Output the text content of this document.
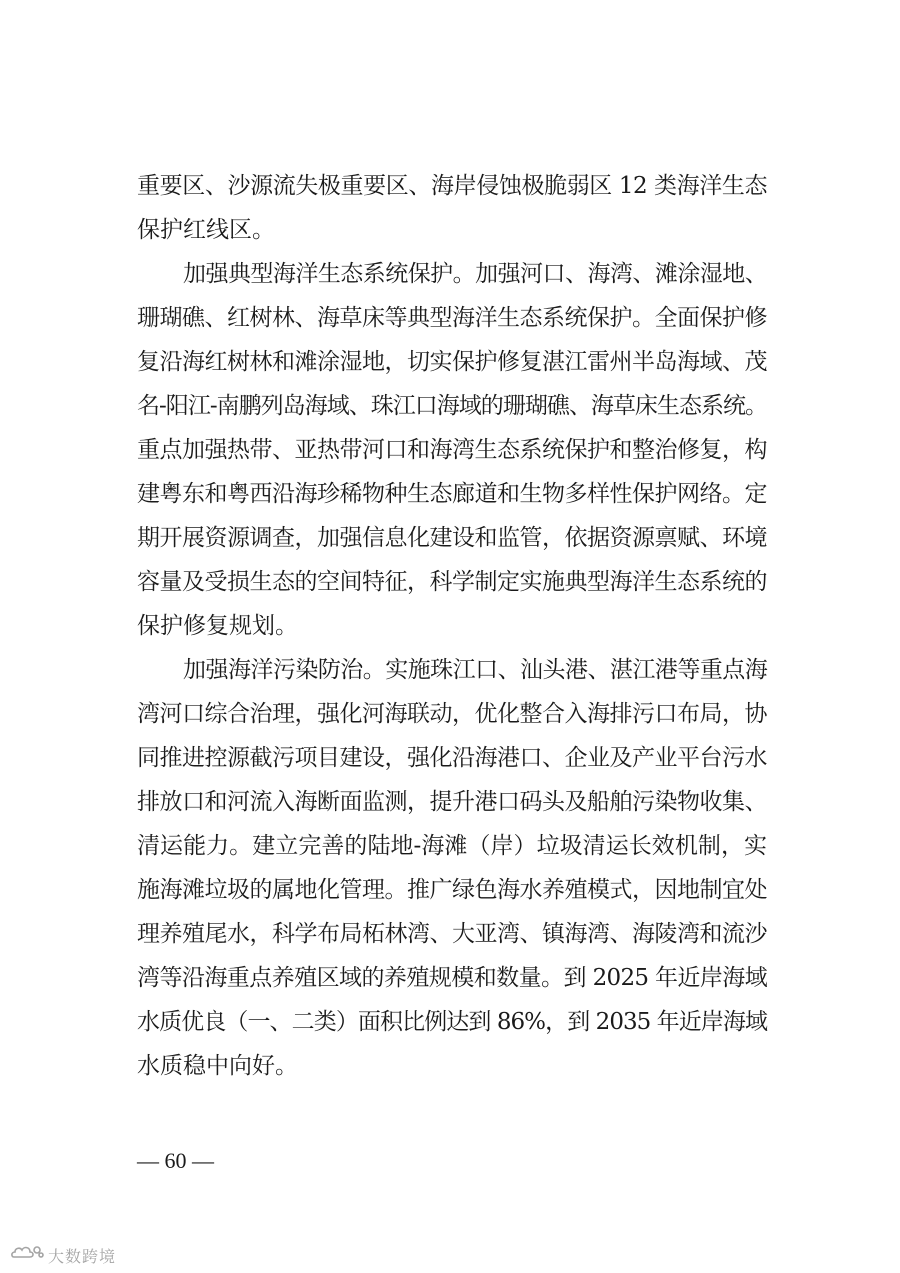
重要区、沙源流失极重要区、海岸侵蚀极脆弱区 12 类海洋生态
保护红线区。
加强典型海洋生态系统保护。加强河口、海湾、滩涂湿地、
珊瑚礁、红树林、海草床等典型海洋生态系统保护。全面保护修
复沿海红树林和滩涂湿地，切实保护修复湛江雷州半岛海域、茂
名-阳江-南鹏列岛海域、珠江口海域的珊瑚礁、海草床生态系统。
重点加强热带、亚热带河口和海湾生态系统保护和整治修复，构
建粤东和粤西沿海珍稀物种生态廊道和生物多样性保护网络。定
期开展资源调查，加强信息化建设和监管，依据资源禀赋、环境
容量及受损生态的空间特征，科学制定实施典型海洋生态系统的
保护修复规划。
加强海洋污染防治。实施珠江口、汕头港、湛江港等重点海
湾河口综合治理，强化河海联动，优化整合入海排污口布局，协
同推进控源截污项目建设，强化沿海港口、企业及产业平台污水
排放口和河流入海断面监测，提升港口码头及船舶污染物收集、
清运能力。建立完善的陆地-海滩（岸）垃圾清运长效机制，实
施海滩垃圾的属地化管理。推广绿色海水养殖模式，因地制宜处
理养殖尾水，科学布局柘林湾、大亚湾、镇海湾、海陵湾和流沙
湾等沿海重点养殖区域的养殖规模和数量。到 2025 年近岸海域
水质优良（一、二类）面积比例达到 86%，到 2035 年近岸海域
水质稳中向好。
— 60 —
大数跨境
